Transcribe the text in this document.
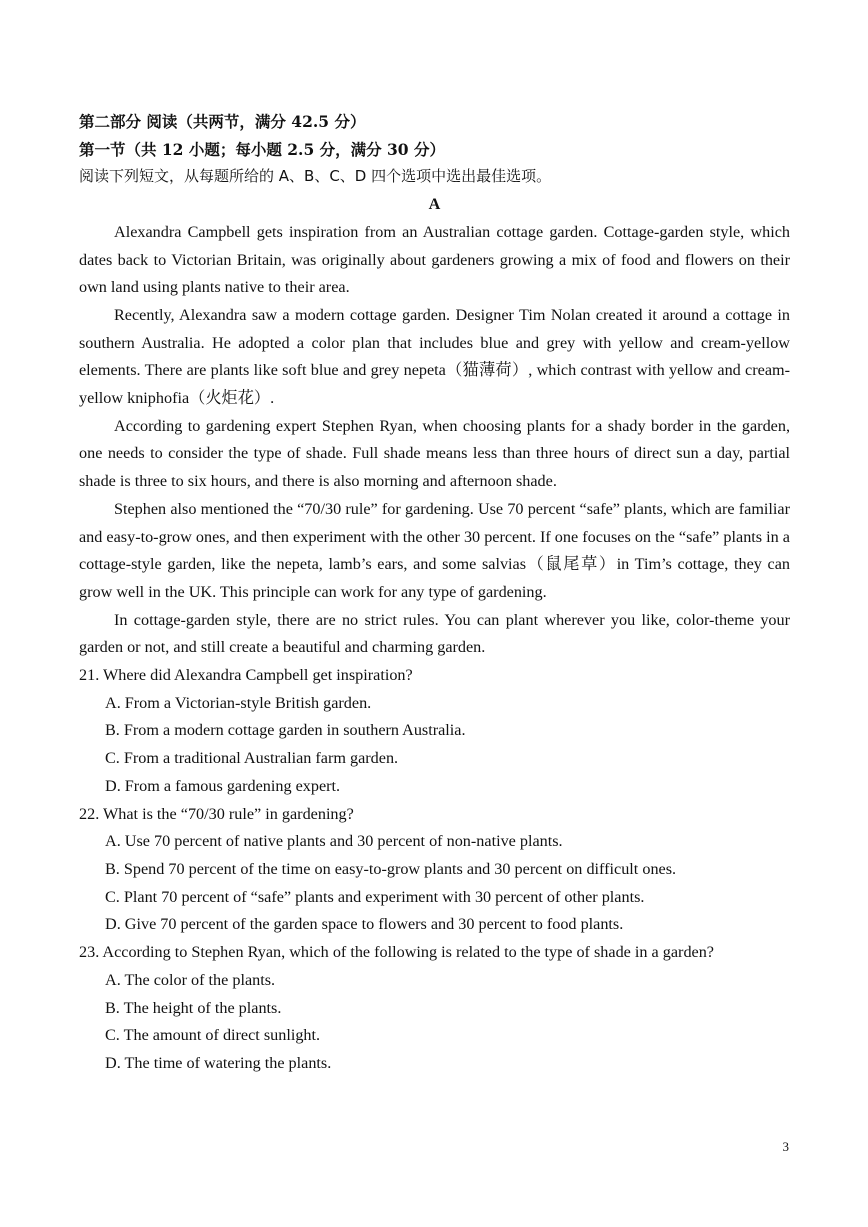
第二部分 阅读（共两节，满分 42.5 分）
第一节（共 12 小题；每小题 2.5 分，满分 30 分）
阅读下列短文，从每题所给的 A、B、C、D 四个选项中选出最佳选项。
A
Alexandra Campbell gets inspiration from an Australian cottage garden. Cottage-garden style, which dates back to Victorian Britain, was originally about gardeners growing a mix of food and flowers on their own land using plants native to their area.
Recently, Alexandra saw a modern cottage garden. Designer Tim Nolan created it around a cottage in southern Australia. He adopted a color plan that includes blue and grey with yellow and cream-yellow elements. There are plants like soft blue and grey nepeta（猫薄荷）, which contrast with yellow and cream-yellow kniphofia（火炬花）.
According to gardening expert Stephen Ryan, when choosing plants for a shady border in the garden, one needs to consider the type of shade. Full shade means less than three hours of direct sun a day, partial shade is three to six hours, and there is also morning and afternoon shade.
Stephen also mentioned the “70/30 rule” for gardening. Use 70 percent “safe” plants, which are familiar and easy-to-grow ones, and then experiment with the other 30 percent. If one focuses on the “safe” plants in a cottage-style garden, like the nepeta, lamb’s ears, and some salvias（鼠尾草）in Tim’s cottage, they can grow well in the UK. This principle can work for any type of gardening.
In cottage-garden style, there are no strict rules. You can plant wherever you like, color-theme your garden or not, and still create a beautiful and charming garden.
21. Where did Alexandra Campbell get inspiration?
A. From a Victorian-style British garden.
B. From a modern cottage garden in southern Australia.
C. From a traditional Australian farm garden.
D. From a famous gardening expert.
22. What is the “70/30 rule” in gardening?
A. Use 70 percent of native plants and 30 percent of non-native plants.
B. Spend 70 percent of the time on easy-to-grow plants and 30 percent on difficult ones.
C. Plant 70 percent of “safe” plants and experiment with 30 percent of other plants.
D. Give 70 percent of the garden space to flowers and 30 percent to food plants.
23. According to Stephen Ryan, which of the following is related to the type of shade in a garden?
A. The color of the plants.
B. The height of the plants.
C. The amount of direct sunlight.
D. The time of watering the plants.
3
